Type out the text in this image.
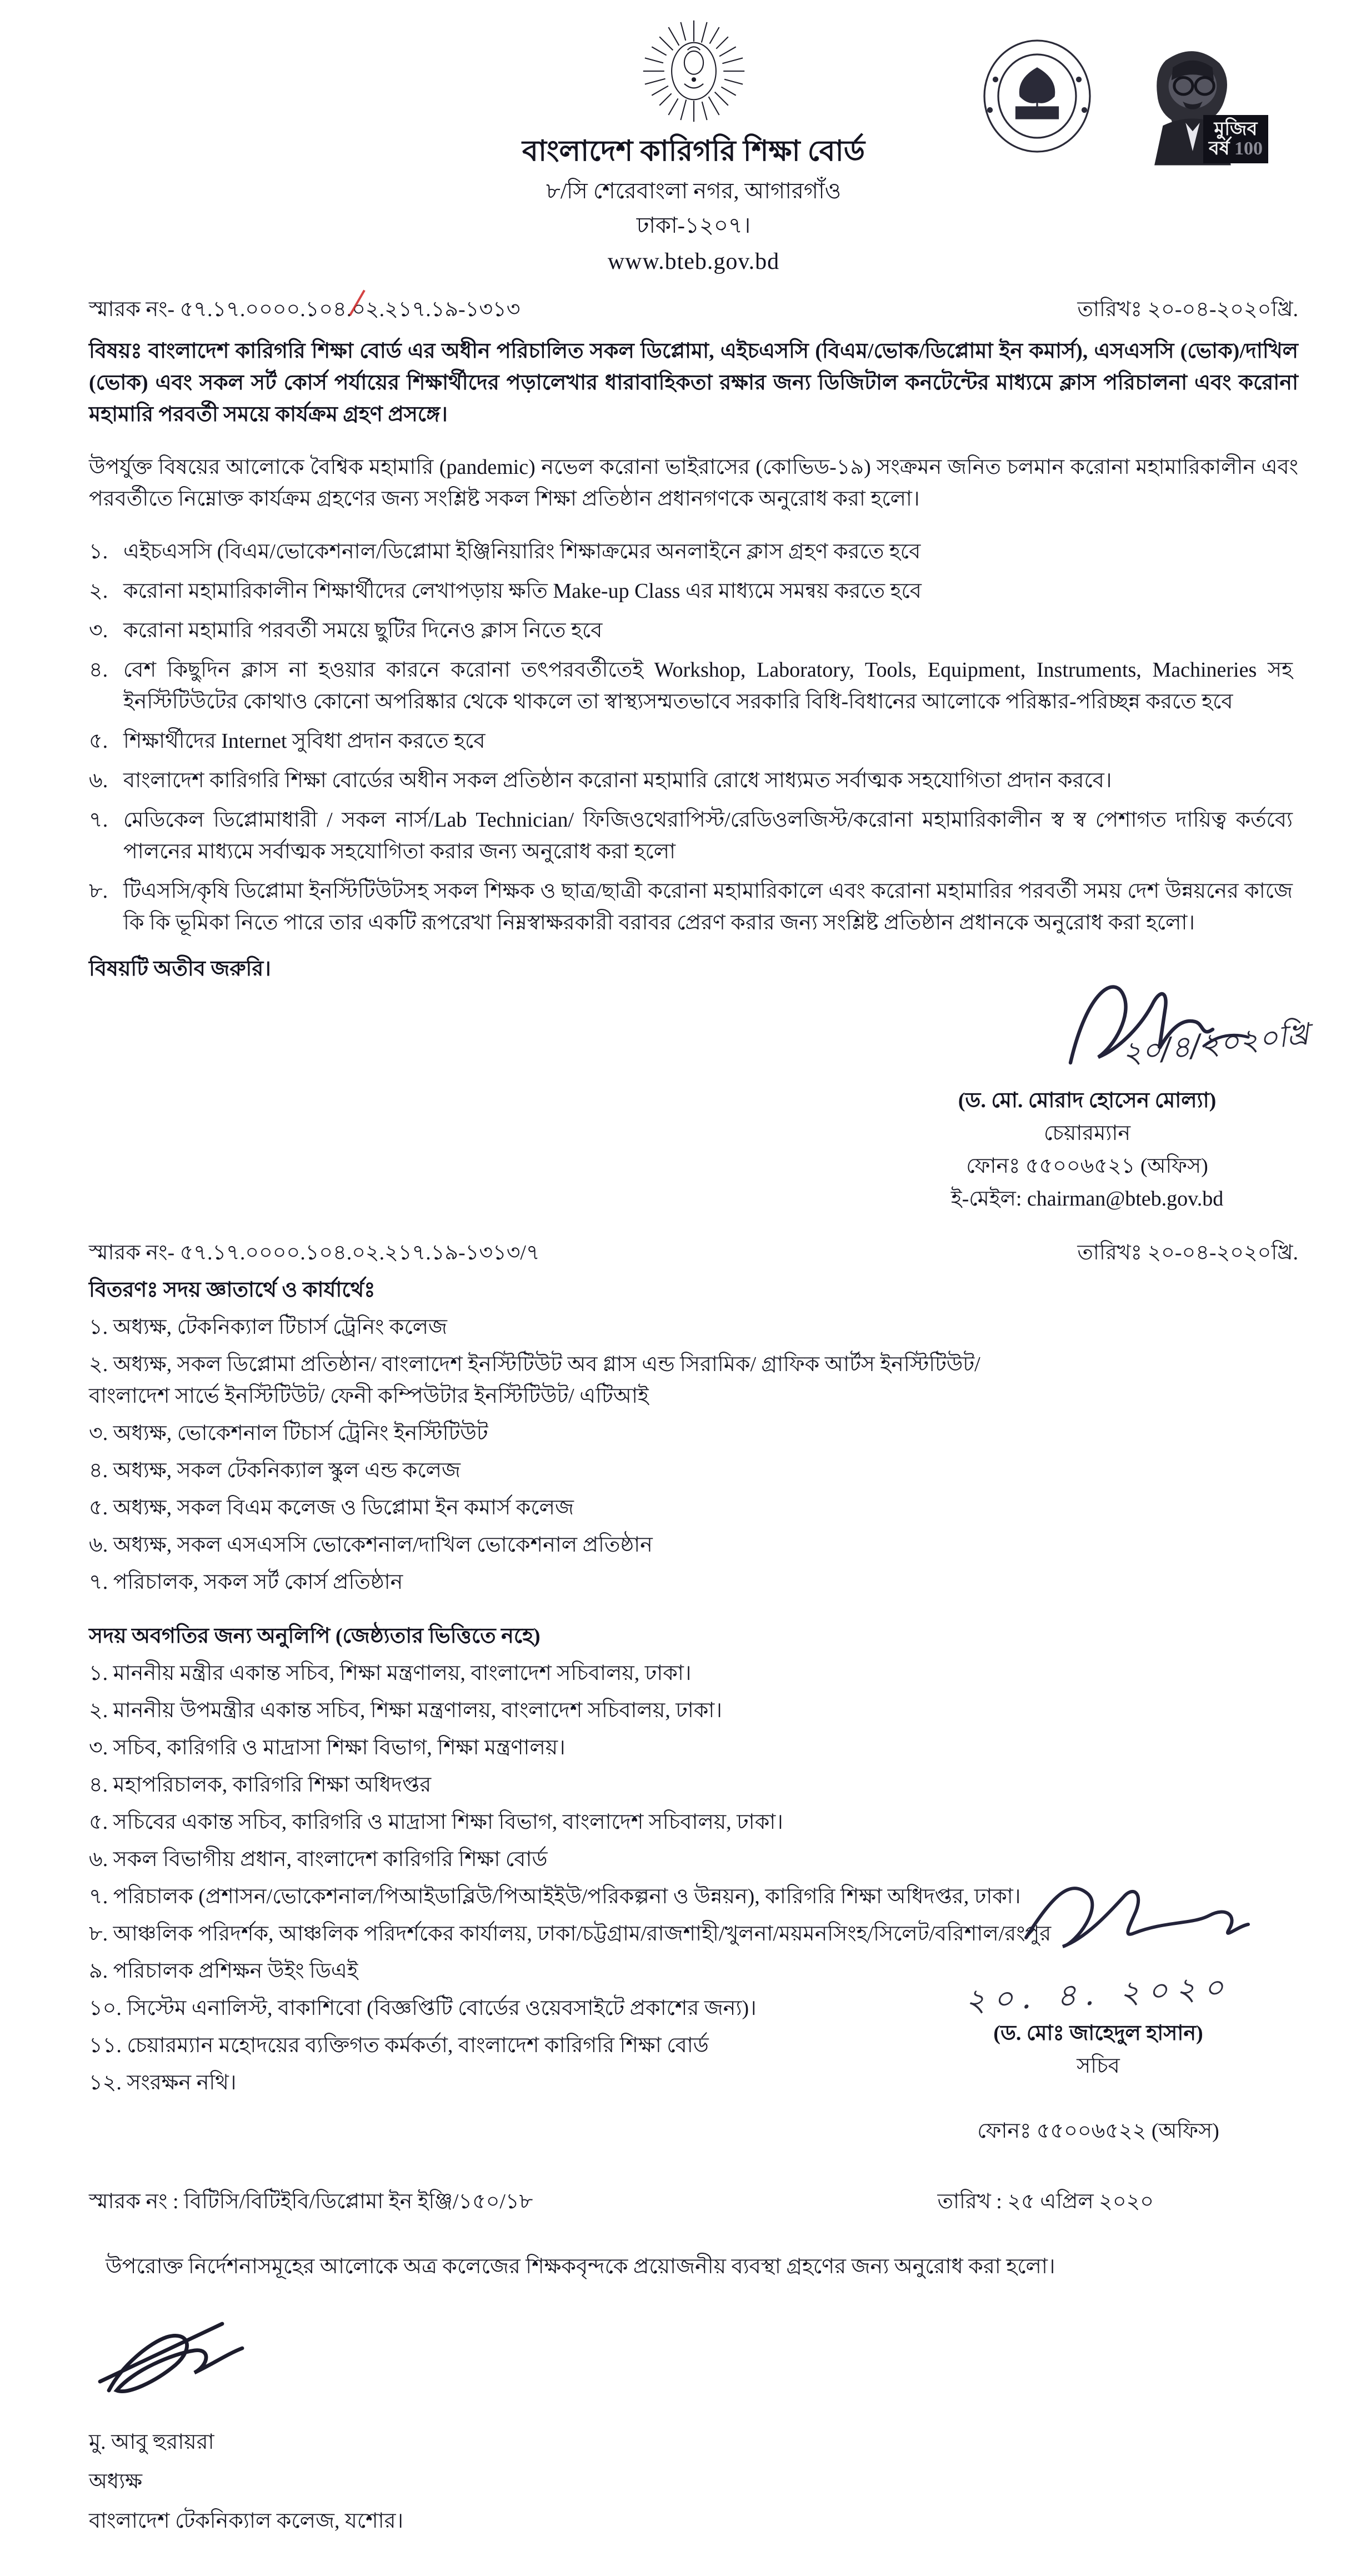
বাংলাদেশ কারিগরি শিক্ষা বোর্ড
৮/সি শেরেবাংলা নগর, আগারগাঁও
ঢাকা-১২০৭।
www.bteb.gov.bd
মুজিব
বর্ষ 100
স্মারক নং- ৫৭.১৭.০০০০.১০৪.০২.২১৭.১৯-১৩১৩	তারিখঃ ২০-০৪-২০২০খ্রি.

বিষয়ঃ বাংলাদেশ কারিগরি শিক্ষা বোর্ড এর অধীন পরিচালিত সকল ডিপ্লোমা, এইচএসসি (বিএম/ভোক/ডিপ্লোমা ইন কমার্স), এসএসসি (ভোক)/দাখিল (ভোক) এবং সকল সর্ট কোর্স পর্যায়ের শিক্ষার্থীদের পড়ালেখার ধারাবাহিকতা রক্ষার জন্য ডিজিটাল কনটেন্টের মাধ্যমে ক্লাস পরিচালনা এবং করোনা মহামারি পরবর্তী সময়ে কার্যক্রম গ্রহণ প্রসঙ্গে।

উপর্যুক্ত বিষয়ের আলোকে বৈশ্বিক মহামারি (pandemic) নভেল করোনা ভাইরাসের (কোভিড-১৯) সংক্রমন জনিত চলমান করোনা মহামারিকালীন এবং পরবর্তীতে নিম্নোক্ত কার্যক্রম গ্রহণের জন্য সংশ্লিষ্ট সকল শিক্ষা প্রতিষ্ঠান প্রধানগণকে অনুরোধ করা হলো।

১. এইচএসসি (বিএম/ভোকেশনাল/ডিপ্লোমা ইঞ্জিনিয়ারিং শিক্ষাক্রমের অনলাইনে ক্লাস গ্রহণ করতে হবে
২. করোনা মহামারিকালীন শিক্ষার্থীদের লেখাপড়ায় ক্ষতি Make-up Class এর মাধ্যমে সমন্বয় করতে হবে
৩. করোনা মহামারি পরবর্তী সময়ে ছুটির দিনেও ক্লাস নিতে হবে
৪. বেশ কিছুদিন ক্লাস না হওয়ার কারনে করোনা তৎপরবর্তীতেই Workshop, Laboratory, Tools, Equipment, Instruments, Machineries সহ ইনস্টিটিউটের কোথাও কোনো অপরিষ্কার থেকে থাকলে তা স্বাস্থ্যসম্মতভাবে সরকারি বিধি-বিধানের আলোকে পরিষ্কার-পরিচ্ছন্ন করতে হবে
৫. শিক্ষার্থীদের Internet সুবিধা প্রদান করতে হবে
৬. বাংলাদেশ কারিগরি শিক্ষা বোর্ডের অধীন সকল প্রতিষ্ঠান করোনা মহামারি রোধে সাধ্যমত সর্বাত্মক সহযোগিতা প্রদান করবে।
৭. মেডিকেল ডিপ্লোমাধারী / সকল নার্স/Lab Technician/ ফিজিওথেরাপিস্ট/রেডিওলজিস্ট/করোনা মহামারিকালীন স্ব স্ব পেশাগত দায়িত্ব কর্তব্যে পালনের মাধ্যমে সর্বাত্মক সহযোগিতা করার জন্য অনুরোধ করা হলো
৮. টিএসসি/কৃষি ডিপ্লোমা ইনস্টিটিউটসহ সকল শিক্ষক ও ছাত্র/ছাত্রী করোনা মহামারিকালে এবং করোনা মহামারির পরবর্তী সময় দেশ উন্নয়নের কাজে কি কি ভূমিকা নিতে পারে তার একটি রূপরেখা নিম্নস্বাক্ষরকারী বরাবর প্রেরণ করার জন্য সংশ্লিষ্ট প্রতিষ্ঠান প্রধানকে অনুরোধ করা হলো।
বিষয়টি অতীব জরুরি।
২০/৪/২০২০খ্রি
(ড. মো. মোরাদ হোসেন মোল্যা)
চেয়ারম্যান
ফোনঃ ৫৫০০৬৫২১ (অফিস)
ই-মেইল: chairman@bteb.gov.bd
স্মারক নং- ৫৭.১৭.০০০০.১০৪.০২.২১৭.১৯-১৩১৩/৭	তারিখঃ ২০-০৪-২০২০খ্রি.
বিতরণঃ সদয় জ্ঞাতার্থে ও কার্যার্থেঃ
১. অধ্যক্ষ, টেকনিক্যাল টিচার্স ট্রেনিং কলেজ
২. অধ্যক্ষ, সকল ডিপ্লোমা প্রতিষ্ঠান/ বাংলাদেশ ইনস্টিটিউট অব গ্লাস এন্ড সিরামিক/ গ্রাফিক আর্টস ইনস্টিটিউট/ বাংলাদেশ সার্ভে ইনস্টিটিউট/ ফেনী কম্পিউটার ইনস্টিটিউট/ এটিআই
৩. অধ্যক্ষ, ভোকেশনাল টিচার্স ট্রেনিং ইনস্টিটিউট
৪. অধ্যক্ষ, সকল টেকনিক্যাল স্কুল এন্ড কলেজ
৫. অধ্যক্ষ, সকল বিএম কলেজ ও ডিপ্লোমা ইন কমার্স কলেজ
৬. অধ্যক্ষ, সকল এসএসসি ভোকেশনাল/দাখিল ভোকেশনাল প্রতিষ্ঠান
৭. পরিচালক, সকল সর্ট কোর্স প্রতিষ্ঠান
সদয় অবগতির জন্য অনুলিপি (জেষ্ঠ্যতার ভিত্তিতে নহে)
১. মাননীয় মন্ত্রীর একান্ত সচিব, শিক্ষা মন্ত্রণালয়, বাংলাদেশ সচিবালয়, ঢাকা।
২. মাননীয় উপমন্ত্রীর একান্ত সচিব, শিক্ষা মন্ত্রণালয়, বাংলাদেশ সচিবালয়, ঢাকা।
৩. সচিব, কারিগরি ও মাদ্রাসা শিক্ষা বিভাগ, শিক্ষা মন্ত্রণালয়।
৪. মহাপরিচালক, কারিগরি শিক্ষা অধিদপ্তর
৫. সচিবের একান্ত সচিব, কারিগরি ও মাদ্রাসা শিক্ষা বিভাগ, বাংলাদেশ সচিবালয়, ঢাকা।
৬. সকল বিভাগীয় প্রধান, বাংলাদেশ কারিগরি শিক্ষা বোর্ড
৭. পরিচালক (প্রশাসন/ভোকেশনাল/পিআইডাব্লিউ/পিআইইউ/পরিকল্পনা ও উন্নয়ন), কারিগরি শিক্ষা অধিদপ্তর, ঢাকা।
৮. আঞ্চলিক পরিদর্শক, আঞ্চলিক পরিদর্শকের কার্যালয়, ঢাকা/চট্টগ্রাম/রাজশাহী/খুলনা/ময়মনসিংহ/সিলেট/বরিশাল/রংপুর
৯. পরিচালক প্রশিক্ষন উইং ডিএই
১০. সিস্টেম এনালিস্ট, বাকাশিবো (বিজ্ঞপ্তিটি বোর্ডের ওয়েবসাইটে প্রকাশের জন্য)।
১১. চেয়ারম্যান মহোদয়ের ব্যক্তিগত কর্মকর্তা, বাংলাদেশ কারিগরি শিক্ষা বোর্ড
১২. সংরক্ষন নথি।
২০. ৪. ২০২০
(ড. মোঃ জাহেদুল হাসান)
সচিব
ফোনঃ ৫৫০০৬৫২২ (অফিস)
স্মারক নং : বিটিসি/বিটিইবি/ডিপ্লোমা ইন ইঞ্জি/১৫০/১৮	তারিখ : ২৫ এপ্রিল ২০২০

উপরোক্ত নির্দেশনাসমূহের আলোকে অত্র কলেজের শিক্ষকবৃন্দকে প্রয়োজনীয় ব্যবস্থা গ্রহণের জন্য অনুরোধ করা হলো।

মু. আবু হুরায়রা
অধ্যক্ষ
বাংলাদেশ টেকনিক্যাল কলেজ, যশোর।
